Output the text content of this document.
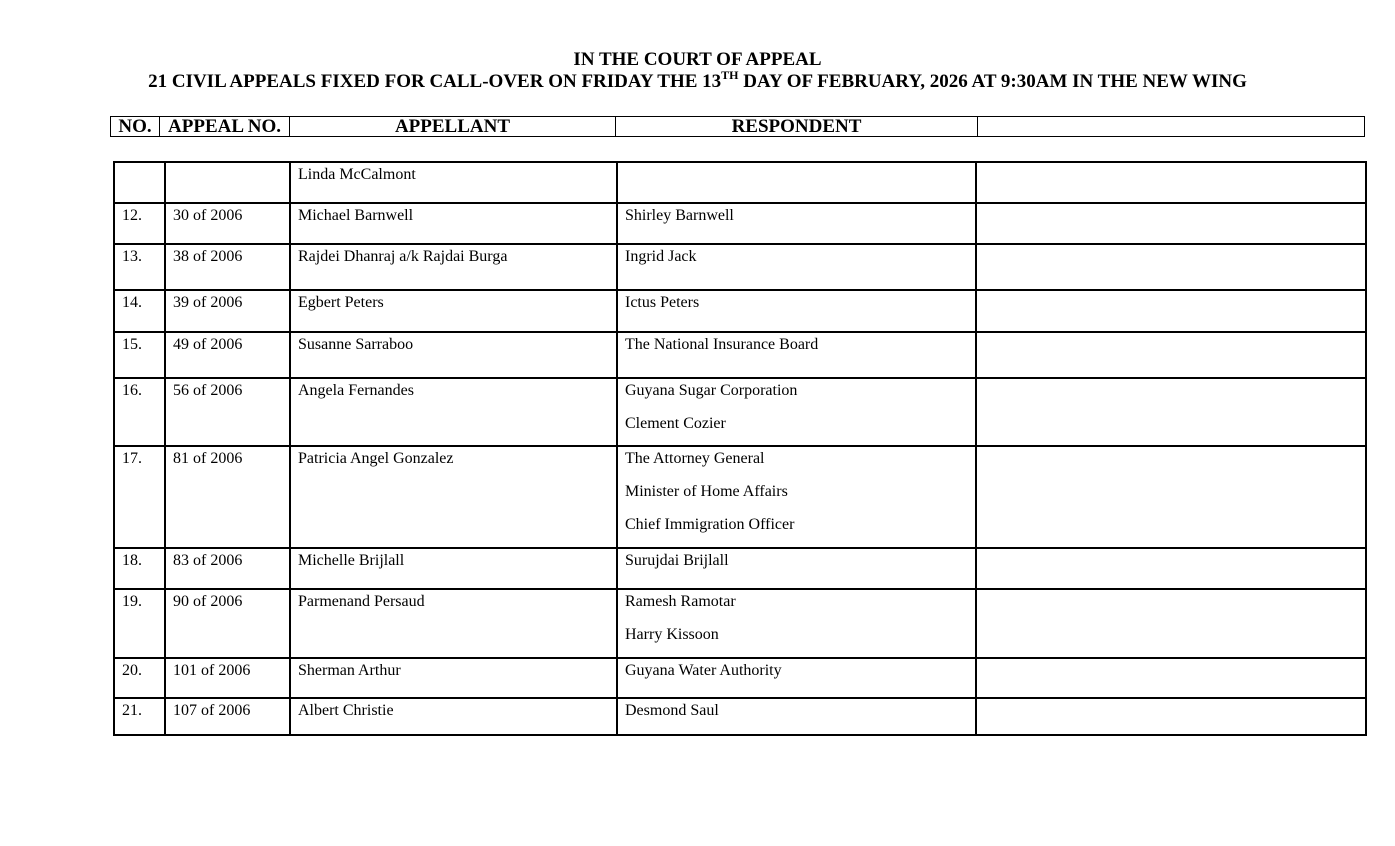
IN THE COURT OF APPEAL
21 CIVIL APPEALS FIXED FOR CALL-OVER ON FRIDAY THE 13TH DAY OF FEBRUARY, 2026 AT 9:30AM IN THE NEW WING
NO.	APPEAL NO.	APPELLANT	RESPONDENT	

		Linda McCalmont		

12.	30 of 2006	Michael Barnwell	Shirley Barnwell	

13.	38 of 2006	Rajdei Dhanraj a/k Rajdai Burga	Ingrid Jack	

14.	39 of 2006	Egbert Peters	Ictus Peters	

15.	49 of 2006	Susanne Sarraboo	The National Insurance Board	

16.	56 of 2006	Angela Fernandes	Guyana Sugar Corporation
Clement Cozier	

17.	81 of 2006	Patricia Angel Gonzalez	The Attorney General
Minister of Home Affairs
Chief Immigration Officer	

18.	83 of 2006	Michelle Brijlall	Surujdai Brijlall	

19.	90 of 2006	Parmenand Persaud	Ramesh Ramotar
Harry Kissoon	

20.	101 of 2006	Sherman Arthur	Guyana Water Authority	

21.	107 of 2006	Albert Christie	Desmond Saul	
